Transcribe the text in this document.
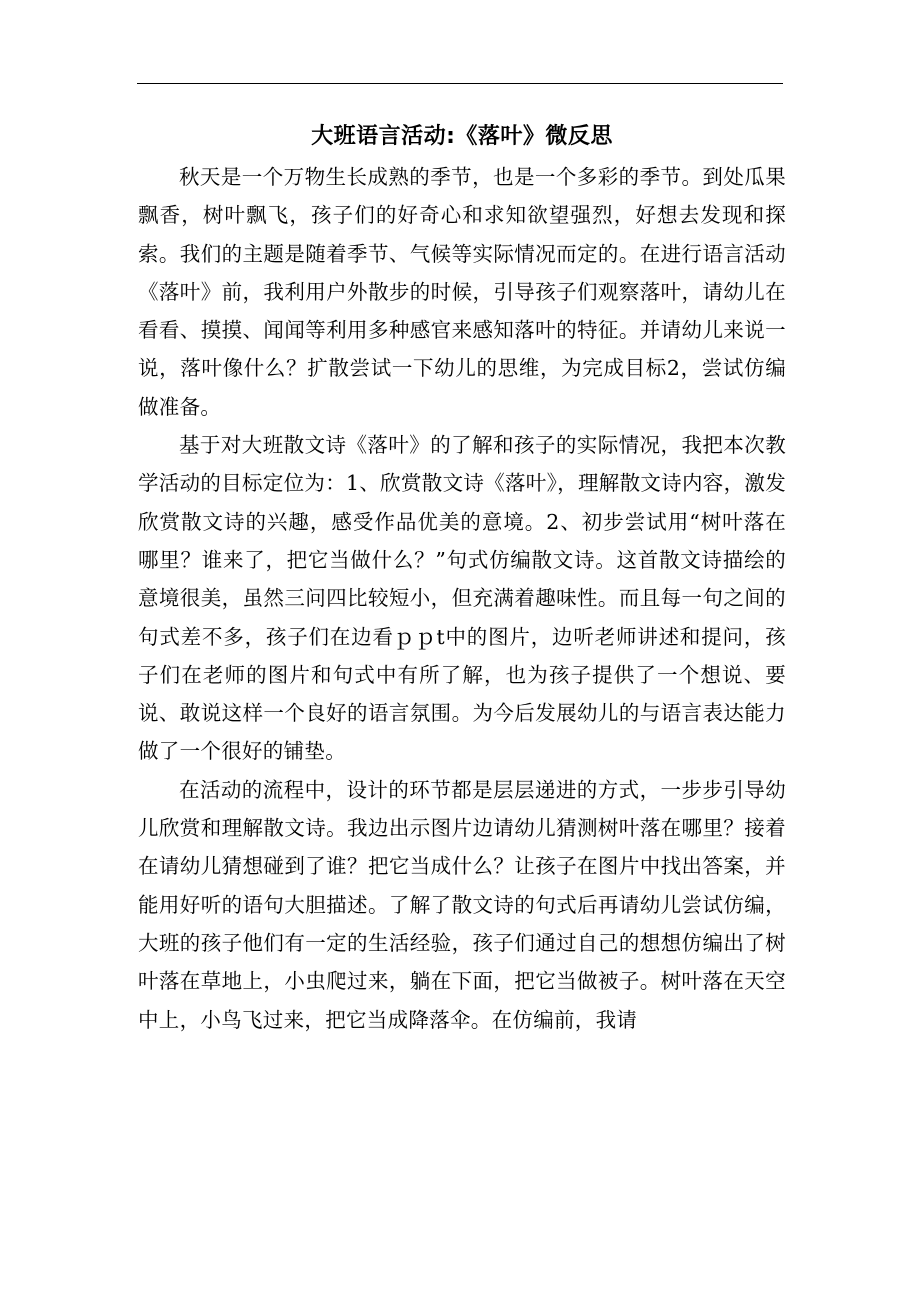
大班语言活动:《落叶》微反思

秋天是一个万物生长成熟的季节，也是一个多彩的季节。到处瓜果飘香，树叶飘飞，孩子们的好奇心和求知欲望强烈，好想去发现和探索。我们的主题是随着季节、气候等实际情况而定的。在进行语言活动《落叶》前，我利用户外散步的时候，引导孩子们观察落叶，请幼儿在看看、摸摸、闻闻等利用多种感官来感知落叶的特征。并请幼儿来说一说，落叶像什么？扩散尝试一下幼儿的思维，为完成目标2，尝试仿编做准备。

基于对大班散文诗《落叶》的了解和孩子的实际情况，我把本次教学活动的目标定位为：1、欣赏散文诗《落叶》，理解散文诗内容，激发欣赏散文诗的兴趣，感受作品优美的意境。2、初步尝试用“树叶落在哪里？谁来了，把它当做什么？”句式仿编散文诗。这首散文诗描绘的意境很美，虽然三问四比较短小，但充满着趣味性。而且每一句之间的句式差不多，孩子们在边看ｐｐt中的图片，边听老师讲述和提问，孩子们在老师的图片和句式中有所了解，也为孩子提供了一个想说、要说、敢说这样一个良好的语言氛围。为今后发展幼儿的与语言表达能力做了一个很好的铺垫。

在活动的流程中，设计的环节都是层层递进的方式，一步步引导幼儿欣赏和理解散文诗。我边出示图片边请幼儿猜测树叶落在哪里？接着在请幼儿猜想碰到了谁？把它当成什么？让孩子在图片中找出答案，并能用好听的语句大胆描述。了解了散文诗的句式后再请幼儿尝试仿编，大班的孩子他们有一定的生活经验，孩子们通过自己的想想仿编出了树叶落在草地上，小虫爬过来，躺在下面，把它当做被子。树叶落在天空中上，小鸟飞过来，把它当成降落伞。在仿编前，我请
